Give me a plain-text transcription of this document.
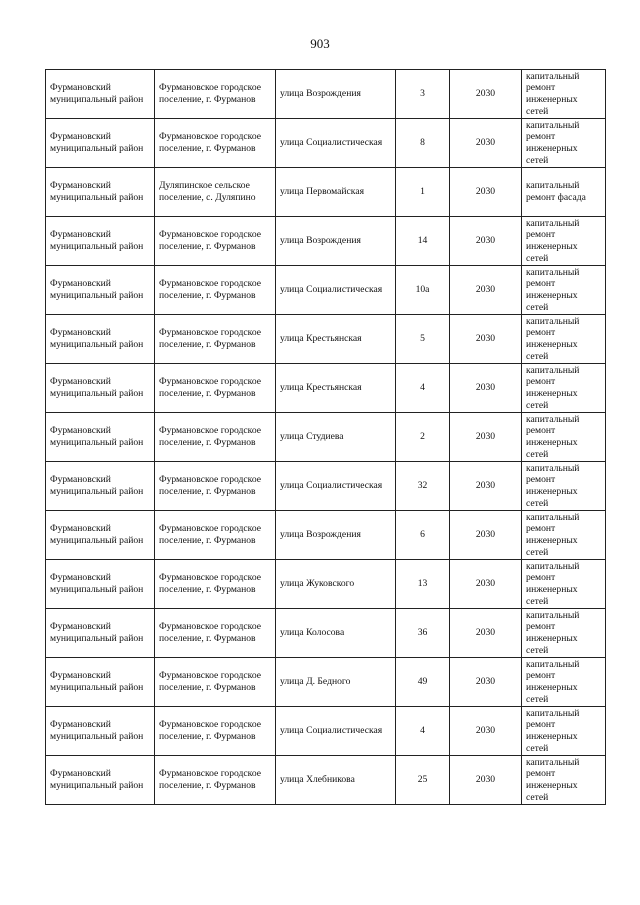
903
Фурмановский муниципальный район	Фурмановское городское поселение, г. Фурманов	улица Возрождения	3	2030	капитальный ремонт инженерных сетей
Фурмановский муниципальный район	Фурмановское городское поселение, г. Фурманов	улица Социалистическая	8	2030	капитальный ремонт инженерных сетей
Фурмановский муниципальный район	Дуляпинское сельское поселение, с. Дуляпино	улица Первомайская	1	2030	капитальный ремонт фасада
Фурмановский муниципальный район	Фурмановское городское поселение, г. Фурманов	улица Возрождения	14	2030	капитальный ремонт инженерных сетей
Фурмановский муниципальный район	Фурмановское городское поселение, г. Фурманов	улица Социалистическая	10а	2030	капитальный ремонт инженерных сетей
Фурмановский муниципальный район	Фурмановское городское поселение, г. Фурманов	улица Крестьянская	5	2030	капитальный ремонт инженерных сетей
Фурмановский муниципальный район	Фурмановское городское поселение, г. Фурманов	улица Крестьянская	4	2030	капитальный ремонт инженерных сетей
Фурмановский муниципальный район	Фурмановское городское поселение, г. Фурманов	улица Студиева	2	2030	капитальный ремонт инженерных сетей
Фурмановский муниципальный район	Фурмановское городское поселение, г. Фурманов	улица Социалистическая	32	2030	капитальный ремонт инженерных сетей
Фурмановский муниципальный район	Фурмановское городское поселение, г. Фурманов	улица Возрождения	6	2030	капитальный ремонт инженерных сетей
Фурмановский муниципальный район	Фурмановское городское поселение, г. Фурманов	улица Жуковского	13	2030	капитальный ремонт инженерных сетей
Фурмановский муниципальный район	Фурмановское городское поселение, г. Фурманов	улица Колосова	36	2030	капитальный ремонт инженерных сетей
Фурмановский муниципальный район	Фурмановское городское поселение, г. Фурманов	улица Д. Бедного	49	2030	капитальный ремонт инженерных сетей
Фурмановский муниципальный район	Фурмановское городское поселение, г. Фурманов	улица Социалистическая	4	2030	капитальный ремонт инженерных сетей
Фурмановский муниципальный район	Фурмановское городское поселение, г. Фурманов	улица Хлебникова	25	2030	капитальный ремонт инженерных сетей
